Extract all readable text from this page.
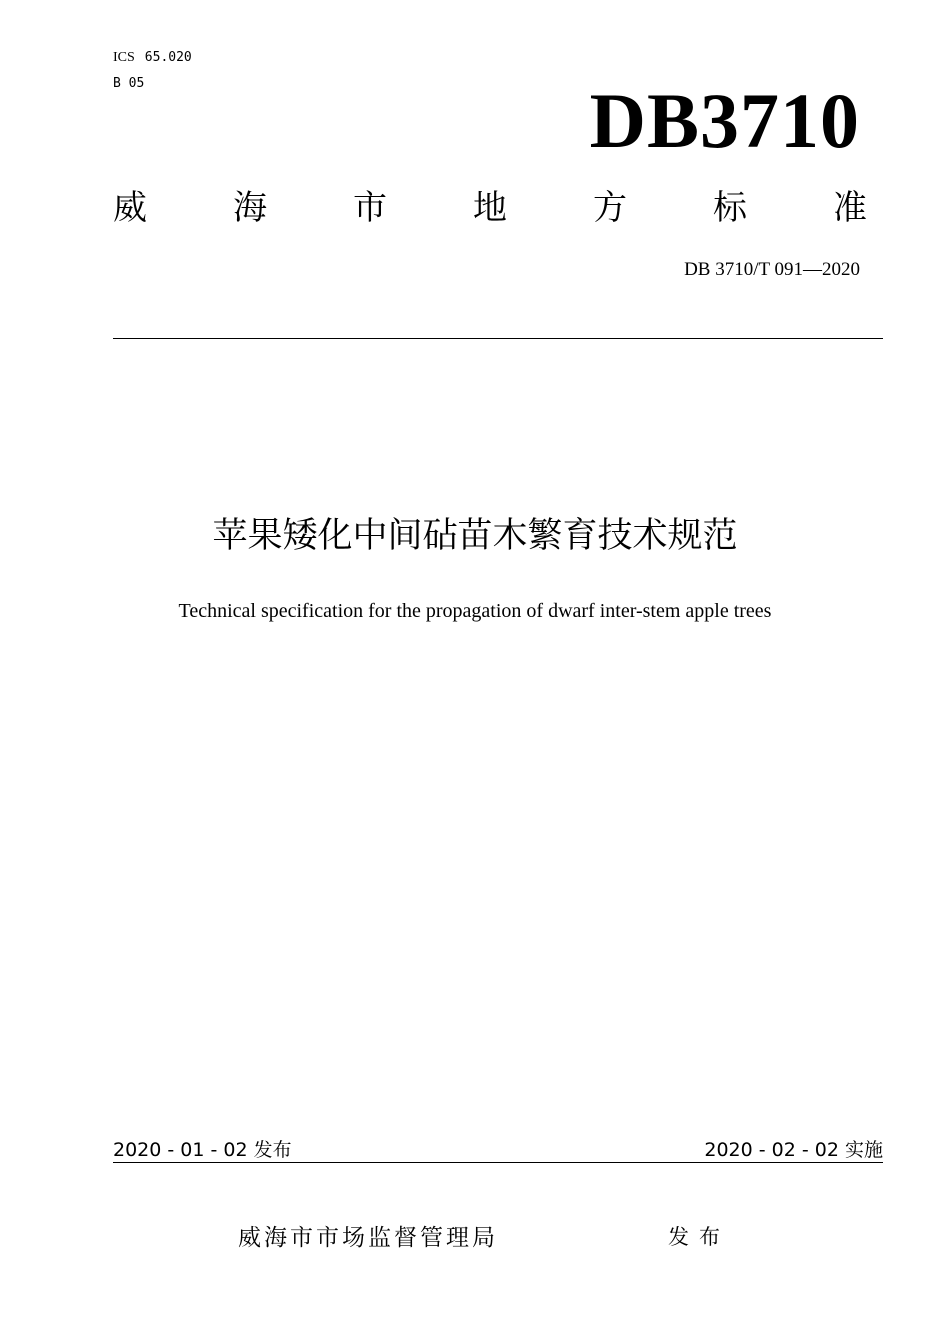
ICS 65.020
B 05	DB3710
威	海	市	地	方	标	准
DB 3710/T 091—2020
苹果矮化中间砧苗木繁育技术规范
Technical specification for the propagation of dwarf inter-stem apple trees
2020 - 01 - 02 发布	2020 - 02 - 02 实施
威海市市场监督管理局	发布
